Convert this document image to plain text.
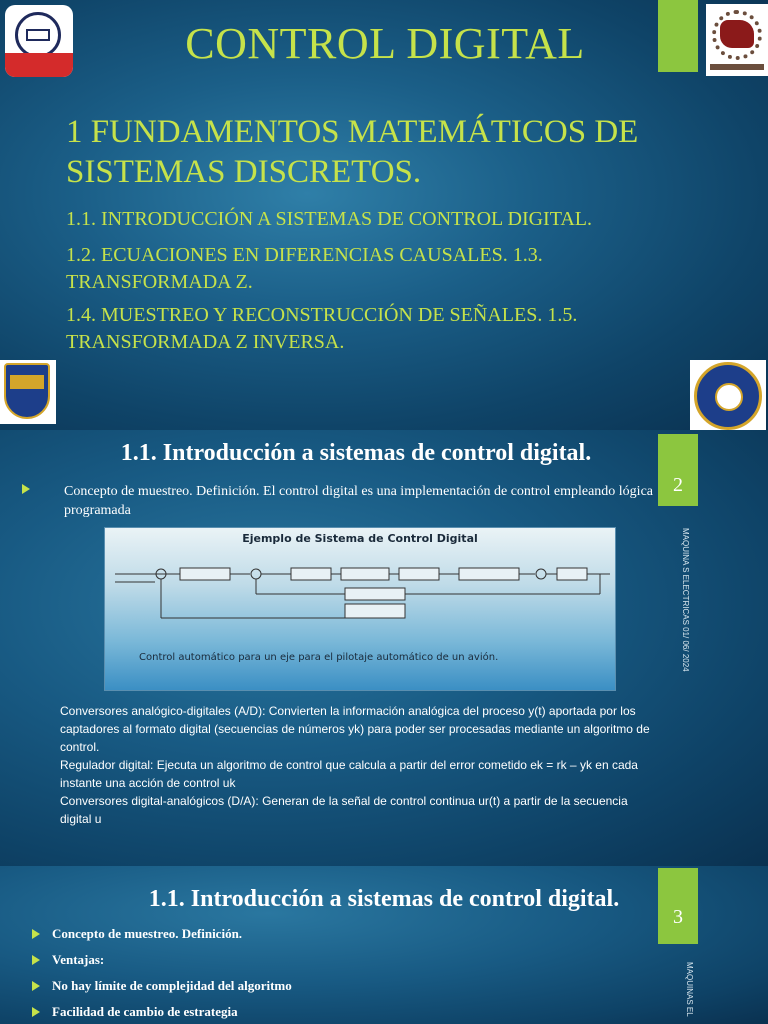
CONTROL DIGITAL
1 FUNDAMENTOS MATEMÁTICOS DE SISTEMAS DISCRETOS.
1.1. INTRODUCCIÓN A SISTEMAS DE CONTROL DIGITAL.
1.2. ECUACIONES EN DIFERENCIAS CAUSALES. 1.3. TRANSFORMADA Z.
1.4. MUESTREO Y RECONSTRUCCIÓN DE SEÑALES. 1.5. TRANSFORMADA Z INVERSA.
1.1. Introducción a sistemas de control digital.
2
MAQUINA S ELECTRICAS 01/ 06/ 2024
Concepto de muestreo. Definición. El control digital es una implementación de control empleando lógica programada
Ejemplo de Sistema de Control Digital
Control automático para un eje para el pilotaje automático de un avión.

Conversores analógico-digitales (A/D): Convierten la información analógica del proceso y(t) aportada por los captadores al formato digital (secuencias de números yk) para poder ser procesadas mediante un algoritmo de control.

Regulador digital: Ejecuta un algoritmo de control que calcula a partir del error cometido ek = rk – yk en cada instante una acción de control uk

Conversores digital-analógicos (D/A): Generan de la señal de control continua ur(t) a partir de la secuencia digital u

1.1. Introducción a sistemas de control digital.
3
MAQUINAS EL
Concepto de muestreo. Definición.
Ventajas:
No hay límite de complejidad del algoritmo
Facilidad de cambio de estrategia
